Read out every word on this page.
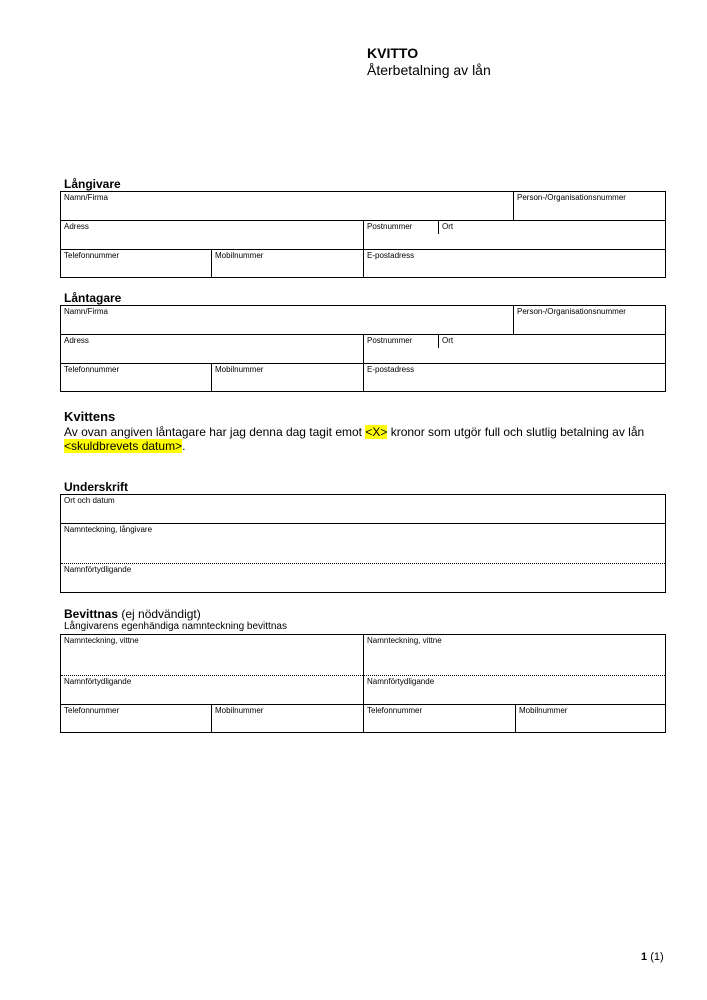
KVITTO
Återbetalning av lån
Långivare
Namn/Firma	Person-/Organisationsnummer
Adress	Postnummer	Ort
Telefonnummer	Mobilnummer	E-postadress
Låntagare
Namn/Firma	Person-/Organisationsnummer
Adress	Postnummer	Ort
Telefonnummer	Mobilnummer	E-postadress
Kvittens
Av ovan angiven låntagare har jag denna dag tagit emot <X> kronor som utgör full och slutlig betalning av lån
<skuldbrevets datum>.
Underskrift
Ort och datum
Namnteckning, långivare
Namnförtydligande
Bevittnas (ej nödvändigt)
Långivarens egenhändiga namnteckning bevittnas
Namnteckning, vittne	Namnteckning, vittne
Namnförtydligande	Namnförtydligande
Telefonnummer	Mobilnummer	Telefonnummer	Mobilnummer
1 (1)
